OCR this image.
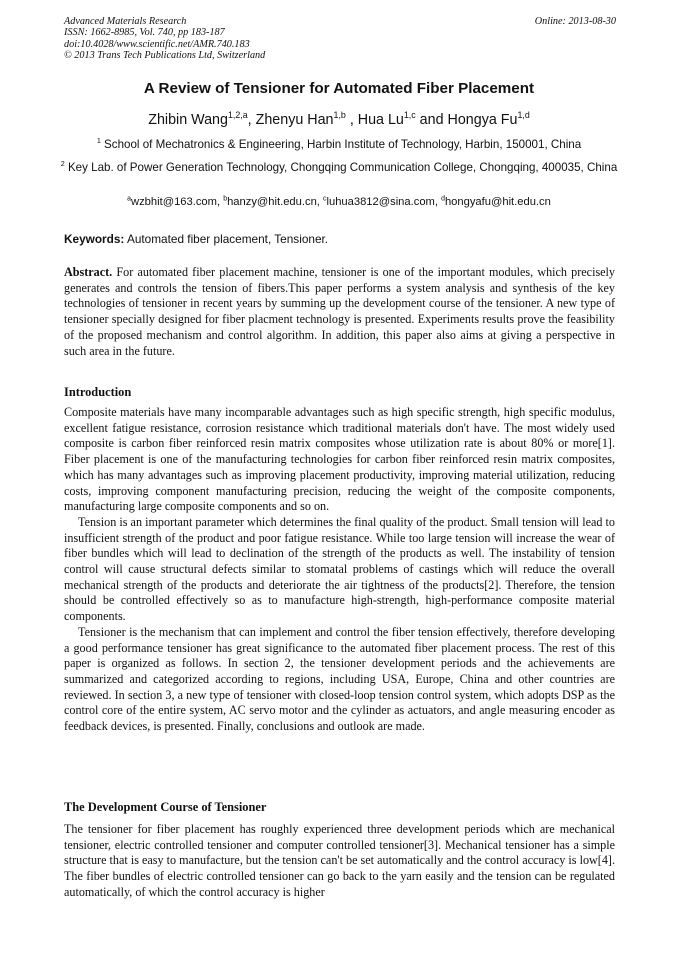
Advanced Materials Research	Online: 2013-08-30
ISSN: 1662-8985, Vol. 740, pp 183-187
doi:10.4028/www.scientific.net/AMR.740.183
© 2013 Trans Tech Publications Ltd, Switzerland
A Review of Tensioner for Automated Fiber Placement
Zhibin Wang$^{1,2,a}$, Zhenyu Han$^{1,b}$ , Hua Lu$^{1,c}$ and Hongya Fu$^{1,d}$
$^1$ School of Mechatronics & Engineering, Harbin Institute of Technology, Harbin, 150001, China
$^2$ Key Lab. of Power Generation Technology, Chongqing Communication College, Chongqing, 400035, China
$^a$wzbhit@163.com, $^b$hanzy@hit.edu.cn, $^c$luhua3812@sina.com, $^d$hongyafu@hit.edu.cn
Keywords: Automated fiber placement, Tensioner.

Abstract. For automated fiber placement machine, tensioner is one of the important modules, which precisely generates and controls the tension of fibers.This paper performs a system analysis and synthesis of the key technologies of tensioner in recent years by summing up the development course of the tensioner. A new type of tensioner specially designed for fiber placment technology is presented. Experiments results prove the feasibility of the proposed mechanism and control algorithm. In addition, this paper also aims at giving a perspective in such area in the future.

Introduction

Composite materials have many incomparable advantages such as high specific strength, high specific modulus, excellent fatigue resistance, corrosion resistance which traditional materials don't have. The most widely used composite is carbon fiber reinforced resin matrix composites whose utilization rate is about 80% or more[1]. Fiber placement is one of the manufacturing technologies for carbon fiber reinforced resin matrix composites, which has many advantages such as improving placement productivity, improving material utilization, reducing costs, improving component manufacturing precision, reducing the weight of the composite components, manufacturing large composite components and so on.

Tension is an important parameter which determines the final quality of the product. Small tension will lead to insufficient strength of the product and poor fatigue resistance. While too large tension will increase the wear of fiber bundles which will lead to declination of the strength of the products as well. The instability of tension control will cause structural defects similar to stomatal problems of castings which will reduce the overall mechanical strength of the products and deteriorate the air tightness of the products[2]. Therefore, the tension should be controlled effectively so as to manufacture high-strength, high-performance composite material components.

Tensioner is the mechanism that can implement and control the fiber tension effectively, therefore developing a good performance tensioner has great significance to the automated fiber placement process. The rest of this paper is organized as follows. In section 2, the tensioner development periods and the achievements are summarized and categorized according to regions, including USA, Europe, China and other countries are reviewed. In section 3, a new type of tensioner with closed-loop tension control system, which adopts DSP as the control core of the entire system, AC servo motor and the cylinder as actuators, and angle measuring encoder as feedback devices, is presented. Finally, conclusions and outlook are made.

The Development Course of Tensioner

The tensioner for fiber placement has roughly experienced three development periods which are mechanical tensioner, electric controlled tensioner and computer controlled tensioner[3]. Mechanical tensioner has a simple structure that is easy to manufacture, but the tension can't be set automatically and the control accuracy is low[4]. The fiber bundles of electric controlled tensioner can go back to the yarn easily and the tension can be regulated automatically, of which the control accuracy is higher
